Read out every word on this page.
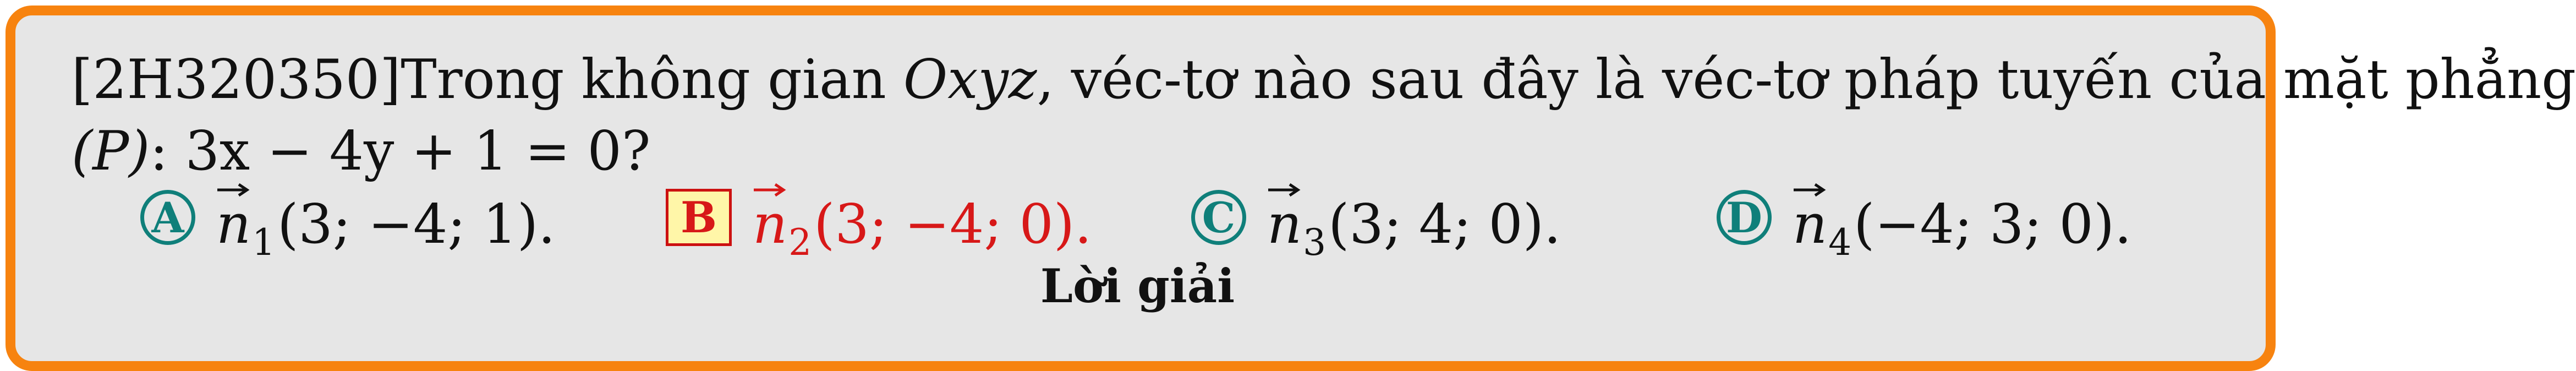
[2H320350]Trong không gian Oxyz, véc-tơ nào sau đây là véc-tơ pháp tuyến của mặt phẳng
(P): 3x − 4y + 1 = 0?
A n 1 (3; −4; 1).	B n 2 (3; −4; 0).	C n 3 (3; 4; 0).	D n 4 (−4; 3; 0).
Lời giải
